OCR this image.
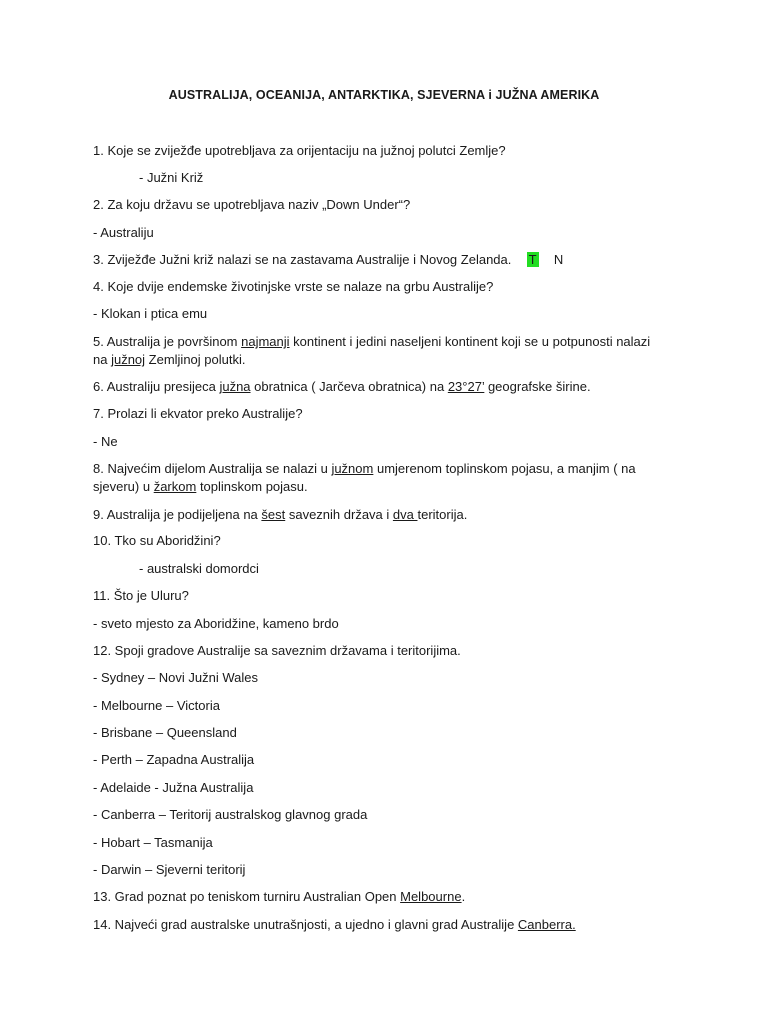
AUSTRALIJA, OCEANIJA, ANTARKTIKA, SJEVERNA i JUŽNA AMERIKA
1. Koje se zviježđe upotrebljava za orijentaciju na južnoj polutci Zemlje?
- Južni Križ
2. Za koju državu se upotrebljava naziv „Down Under“?
- Australiju
3. Zviježđe Južni križ nalazi se na zastavama Australije i Novog Zelanda. T N
4. Koje dvije endemske životinjske vrste se nalaze na grbu Australije?
- Klokan i ptica emu
5. Australija je površinom najmanji kontinent i jedini naseljeni kontinent koji se u potpunosti nalazi
na južnoj Zemljinoj polutki.
6. Australiju presijeca južna obratnica ( Jarčeva obratnica) na 23°27’ geografske širine.
7. Prolazi li ekvator preko Australije?
- Ne
8. Najvećim dijelom Australija se nalazi u južnom umjerenom toplinskom pojasu, a manjim ( na
sjeveru) u žarkom toplinskom pojasu.
9. Australija je podijeljena na šest saveznih država i dva teritorija.
10. Tko su Aboridžini?
- australski domordci
11. Što je Uluru?
- sveto mjesto za Aboridžine, kameno brdo
12. Spoji gradove Australije sa saveznim državama i teritorijima.
- Sydney – Novi Južni Wales
- Melbourne – Victoria
- Brisbane – Queensland
- Perth – Zapadna Australija
- Adelaide - Južna Australija
- Canberra – Teritorij australskog glavnog grada
- Hobart – Tasmanija
- Darwin – Sjeverni teritorij
13. Grad poznat po teniskom turniru Australian Open Melbourne.
14. Najveći grad australske unutrašnjosti, a ujedno i glavni grad Australije Canberra.
